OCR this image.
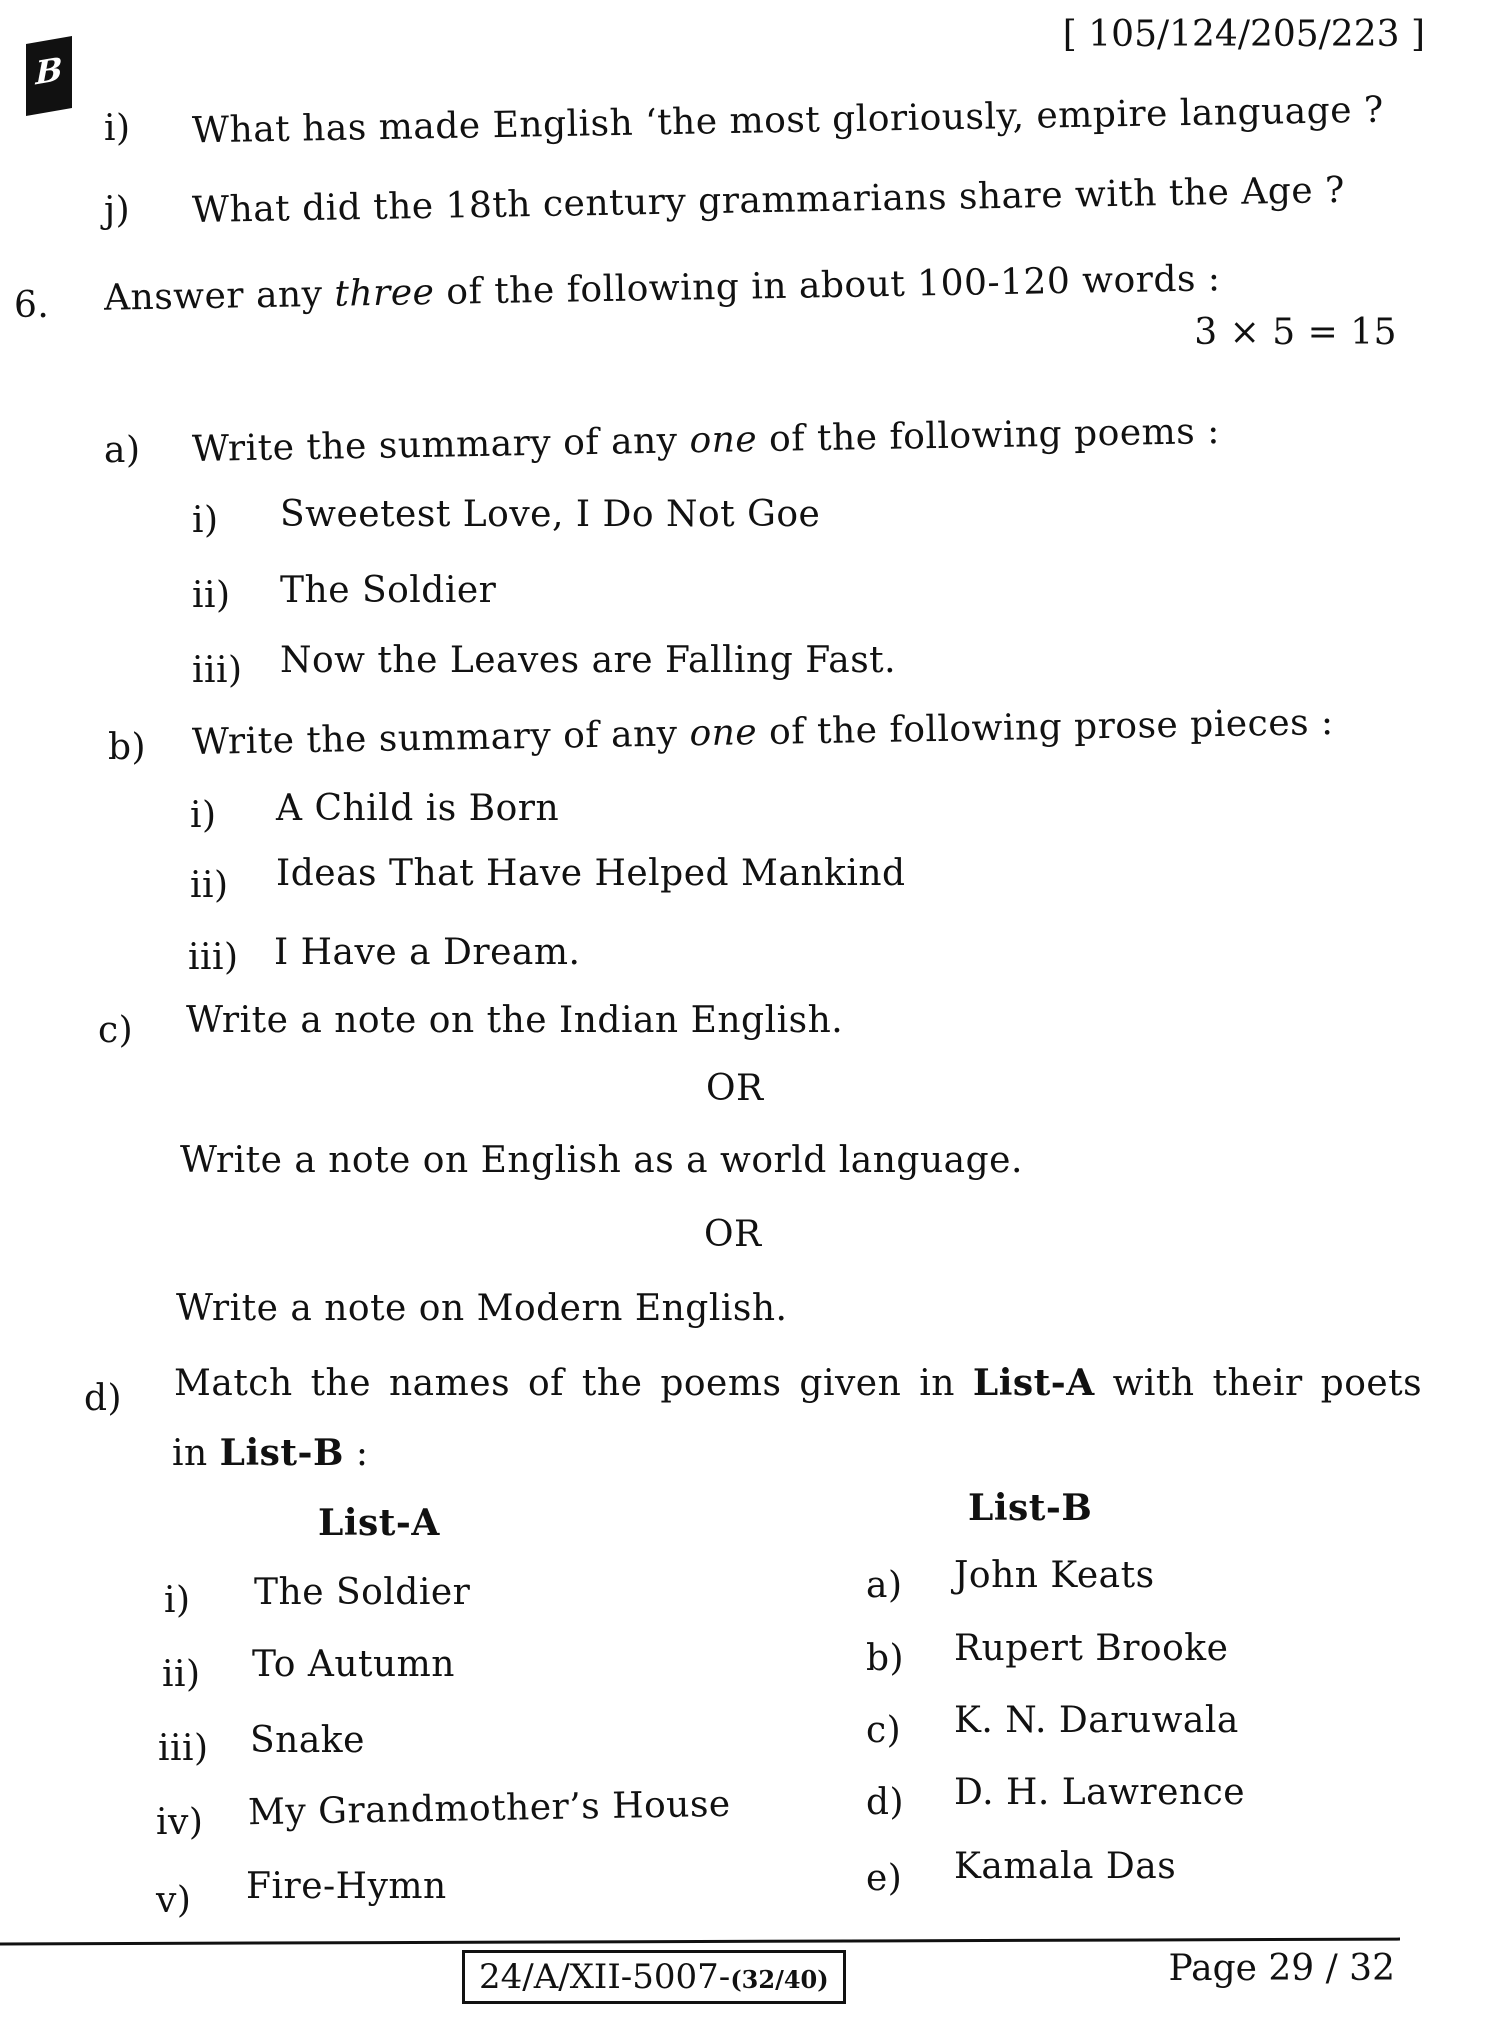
B
[ 105/124/205/223 ]
i) What has made English ‘the most gloriously, empire language ?
j) What did the 18th century grammarians share with the Age ?
6. Answer any three of the following in about 100-120 words :
3 × 5 = 15
a) Write the summary of any one of the following poems :
i) Sweetest Love, I Do Not Goe
ii) The Soldier
iii) Now the Leaves are Falling Fast.
b) Write the summary of any one of the following prose pieces :
i) A Child is Born
ii) Ideas That Have Helped Mankind
iii) I Have a Dream.
c) Write a note on the Indian English.
OR
Write a note on English as a world language.
OR
Write a note on Modern English.
d) Match the names of the poems given in List-A with their poets
in List-B :
List-A	List-B
i) The Soldier
ii) To Autumn
iii) Snake
iv) My Grandmother’s House
v) Fire-Hymn
a) John Keats
b) Rupert Brooke
c) K. N. Daruwala
d) D. H. Lawrence
e) Kamala Das
24/A/XII-5007-(32/40)	Page 29 / 32
